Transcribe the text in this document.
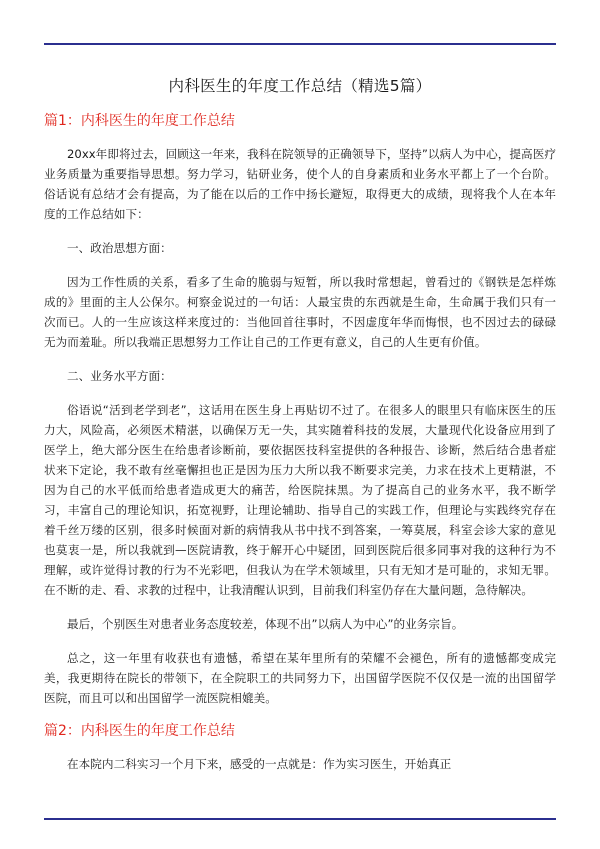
内科医生的年度工作总结（精选5篇）
篇1：内科医生的年度工作总结

20xx年即将过去，回顾这一年来，我科在院领导的正确领导下，坚持”以病人为中心，提高医疗业务质量为重要指导思想。努力学习，钻研业务，使个人的自身素质和业务水平都上了一个台阶。俗话说有总结才会有提高，为了能在以后的工作中扬长避短，取得更大的成绩，现将我个人在本年度的工作总结如下：

一、政治思想方面：

因为工作性质的关系，看多了生命的脆弱与短暂，所以我时常想起，曾看过的《钢铁是怎样炼成的》里面的主人公保尔。柯察金说过的一句话：人最宝贵的东西就是生命，生命属于我们只有一次而已。人的一生应该这样来度过的：当他回首往事时，不因虚度年华而悔恨，也不因过去的碌碌无为而羞耻。所以我端正思想努力工作让自己的工作更有意义，自己的人生更有价值。

二、业务水平方面：

俗语说“活到老学到老”，这话用在医生身上再贴切不过了。在很多人的眼里只有临床医生的压力大，风险高，必须医术精湛，以确保万无一失，其实随着科技的发展，大量现代化设备应用到了医学上，绝大部分医生在给患者诊断前，要依据医技科室提供的各种报告、诊断，然后结合患者症状来下定论，我不敢有丝毫懈担也正是因为压力大所以我不断要求完美，力求在技术上更精湛，不因为自己的水平低而给患者造成更大的痛苦，给医院抹黑。为了提高自己的业务水平，我不断学习，丰富自己的理论知识，拓宽视野，让理论辅助、指导自己的实践工作，但理论与实践终究存在着千丝万缕的区别，很多时候面对新的病情我从书中找不到答案，一筹莫展，科室会诊大家的意见也莫衷一是，所以我就到—医院请教，终于解开心中疑团，回到医院后很多同事对我的这种行为不理解，或许觉得讨教的行为不光彩吧，但我认为在学术领域里，只有无知才是可耻的，求知无罪。在不断的走、看、求教的过程中，让我清醒认识到，目前我们科室仍存在大量问题，急待解决。

最后，个别医生对患者业务态度较差，体现不出”以病人为中心”的业务宗旨。

总之，这一年里有收获也有遗憾，希望在某年里所有的荣耀不会褪色，所有的遗憾都变成完美，我更期待在院长的带领下，在全院职工的共同努力下，出国留学医院不仅仅是一流的出国留学医院，而且可以和出国留学一流医院相媲美。

篇2：内科医生的年度工作总结

在本院内二科实习一个月下来，感受的一点就是：作为实习医生，开始真正
